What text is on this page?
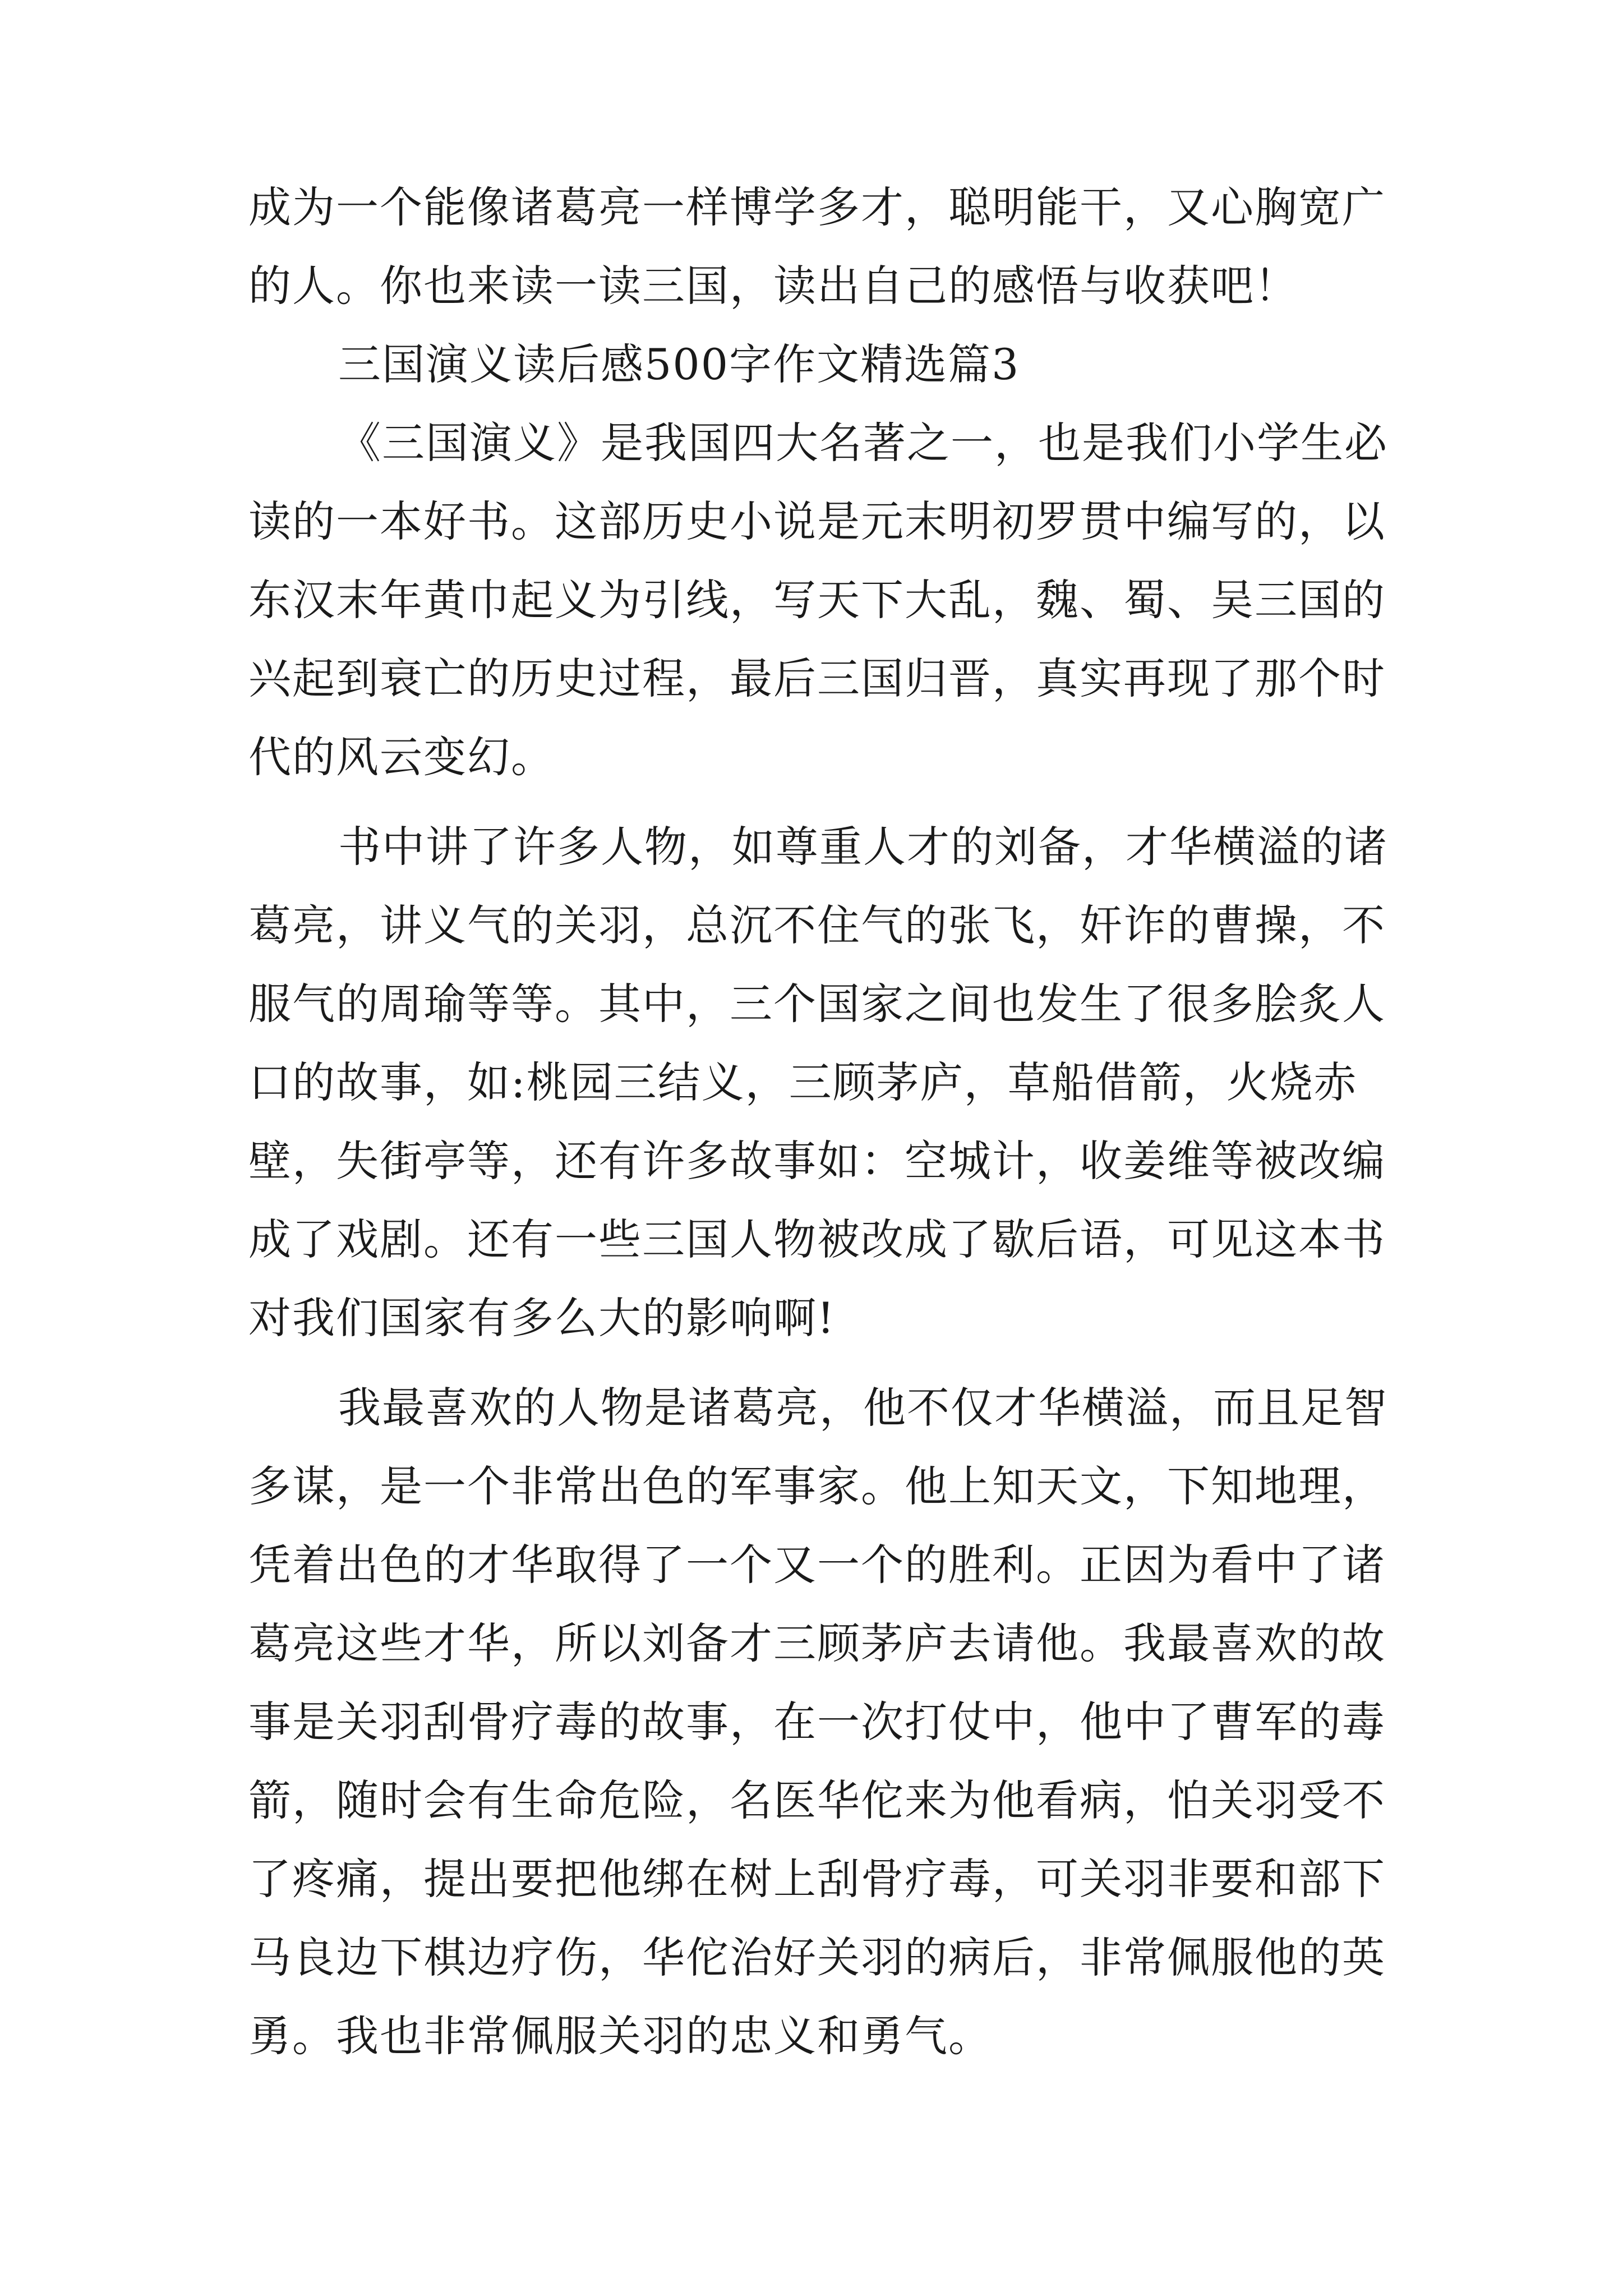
成为一个能像诸葛亮一样博学多才，聪明能干，又心胸宽广
的人。你也来读一读三国，读出自己的感悟与收获吧！
三国演义读后感500字作文精选篇3
《三国演义》是我国四大名著之一，也是我们小学生必
读的一本好书。这部历史小说是元末明初罗贯中编写的，以
东汉末年黄巾起义为引线，写天下大乱，魏、蜀、吴三国的
兴起到衰亡的历史过程，最后三国归晋，真实再现了那个时
代的风云变幻。
书中讲了许多人物，如尊重人才的刘备，才华横溢的诸
葛亮，讲义气的关羽，总沉不住气的张飞，奸诈的曹操，不
服气的周瑜等等。其中，三个国家之间也发生了很多脍炙人
口的故事，如:桃园三结义，三顾茅庐，草船借箭，火烧赤
壁，失街亭等，还有许多故事如：空城计，收姜维等被改编
成了戏剧。还有一些三国人物被改成了歇后语，可见这本书
对我们国家有多么大的影响啊!
我最喜欢的人物是诸葛亮，他不仅才华横溢，而且足智
多谋，是一个非常出色的军事家。他上知天文，下知地理，
凭着出色的才华取得了一个又一个的胜利。正因为看中了诸
葛亮这些才华，所以刘备才三顾茅庐去请他。我最喜欢的故
事是关羽刮骨疗毒的故事，在一次打仗中，他中了曹军的毒
箭，随时会有生命危险，名医华佗来为他看病，怕关羽受不
了疼痛，提出要把他绑在树上刮骨疗毒，可关羽非要和部下
马良边下棋边疗伤，华佗治好关羽的病后，非常佩服他的英
勇。我也非常佩服关羽的忠义和勇气。
